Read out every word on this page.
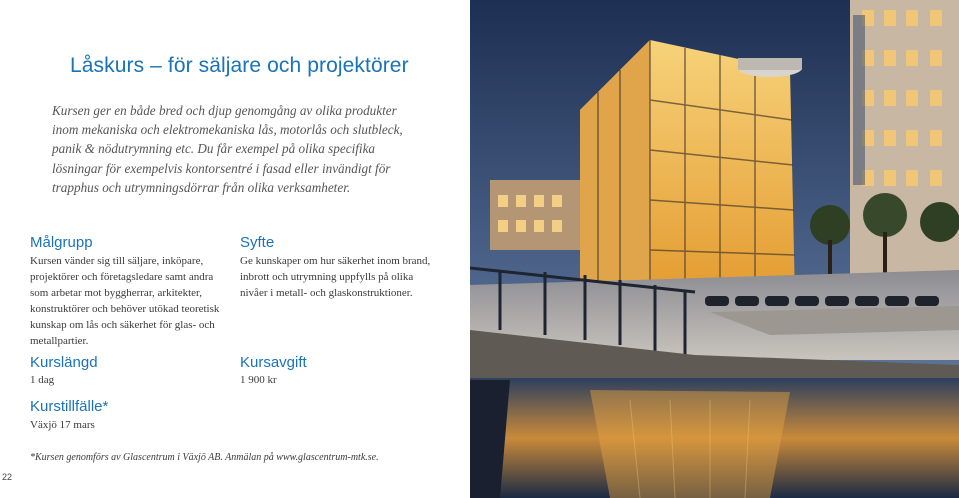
Låskurs – för säljare och projektörer

Kursen ger en både bred och djup genomgång av olika produkter inom mekaniska och elektromekaniska lås, motorlås och slutbleck, panik & nödutrymning etc. Du får exempel på olika specifika lösningar för exempelvis kontorsentré i fasad eller invändigt för trapphus och utrymningsdörrar från olika verksamheter.

Målgrupp

Kursen vänder sig till säljare, inköpare, projektörer och företagsledare samt andra som arbetar mot byggherrar, arkitekter, konstruktörer och behöver utökad teoretisk kunskap om lås och säkerhet för glas- och metallpartier.

Syfte

Ge kunskaper om hur säkerhet inom brand, inbrott och utrymning uppfylls på olika nivåer i metall- och glaskonstruktioner.

Kurslängd

1 dag

Kursavgift

1 900 kr

Kurstillfälle*

Växjö 17 mars

*Kursen genomförs av Glascentrum i Växjö AB. Anmälan på www.glascentrum-mtk.se.

22
